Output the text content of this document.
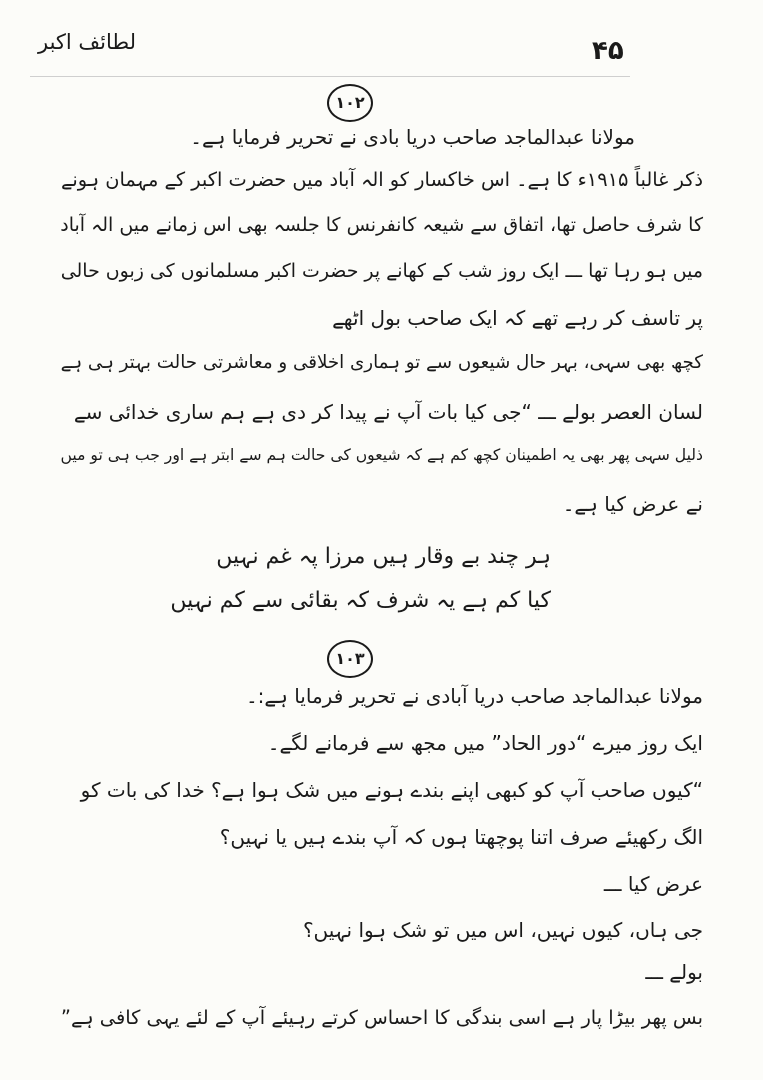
لطائف اکبر	۴۵
۱۰۲
مولانا عبدالماجد صاحب دریا بادی نے تحریر فرمایا ہے۔
ذکر غالباً ۱۹۱۵ء کا ہے۔ اس خاکسار کو الہ آباد میں حضرت اکبر کے مہمان ہونے
کا شرف حاصل تھا، اتفاق سے شیعہ کانفرنس کا جلسہ بھی اس زمانے میں الہ آباد
میں ہو رہا تھا ـــ ایک روز شب کے کھانے پر حضرت اکبر مسلمانوں کی زبوں حالی
پر تاسف کر رہے تھے کہ ایک صاحب بول اٹھے
کچھ بھی سہی، بہر حال شیعوں سے تو ہماری اخلاقی و معاشرتی حالت بہتر ہی ہے
لسان العصر بولے ـــ “جی کیا بات آپ نے پیدا کر دی ہے ہم ساری خدائی سے
ذلیل سہی پھر بھی یہ اطمینان کچھ کم ہے کہ شیعوں کی حالت ہم سے ابتر ہے اور جب ہی تو میں
نے عرض کیا ہے۔
ہر چند بے وقار ہیں مرزا پہ غم نہیں
کیا کم ہے یہ شرف کہ بقائی سے کم نہیں
۱۰۳
مولانا عبدالماجد صاحب دریا آبادی نے تحریر فرمایا ہے:۔
ایک روز میرے “دور الحاد” میں مجھ سے فرمانے لگے۔
“کیوں صاحب آپ کو کبھی اپنے بندے ہونے میں شک ہوا ہے؟ خدا کی بات کو
الگ رکھیئے صرف اتنا پوچھتا ہوں کہ آپ بندے ہیں یا نہیں؟
عرض کیا ـــ
جی ہاں، کیوں نہیں، اس میں تو شک ہوا نہیں؟
بولے ـــ
بس پھر بیڑا پار ہے اسی بندگی کا احساس کرتے رہیئے آپ کے لئے یہی کافی ہے”
